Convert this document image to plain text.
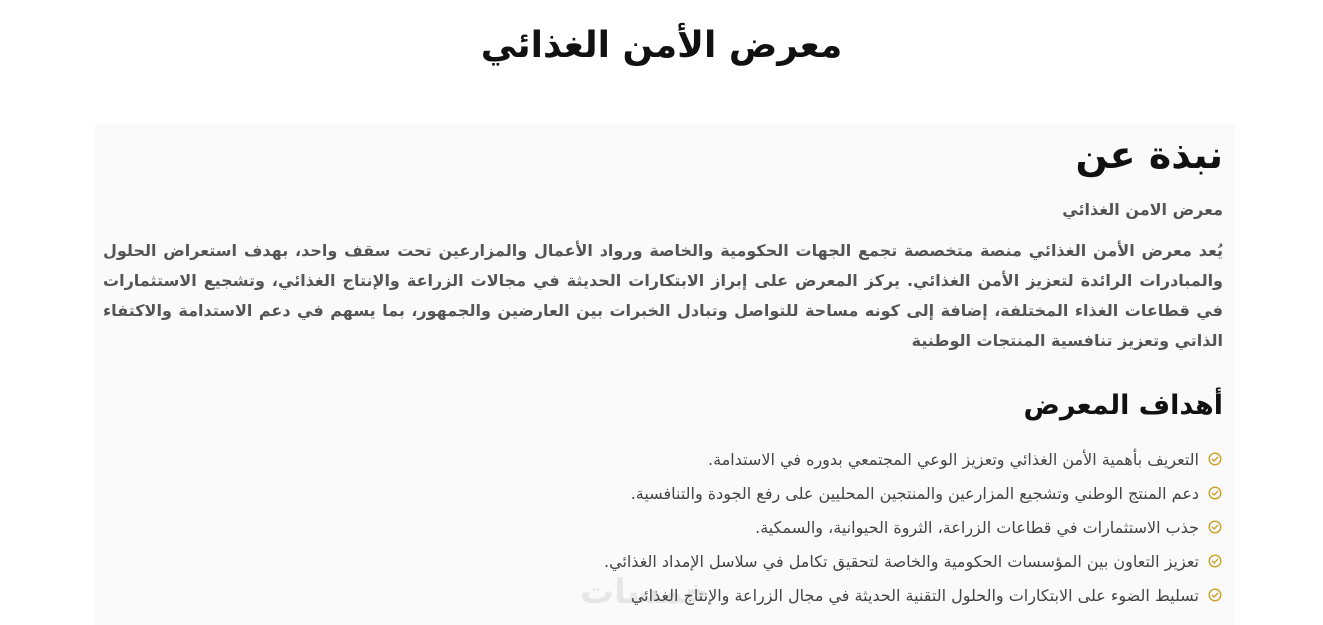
معرض الأمن الغذائي
نبذة عن

معرض الامن الغذائي

يُعد معرض الأمن الغذائي منصة متخصصة تجمع الجهات الحكومية والخاصة ورواد الأعمال والمزارعين تحت سقف واحد، بهدف استعراض الحلول والمبادرات الرائدة لتعزيز الأمن الغذائي. يركز المعرض على إبراز الابتكارات الحديثة في مجالات الزراعة والإنتاج الغذائي، وتشجيع الاستثمارات في قطاعات الغذاء المختلفة، إضافة إلى كونه مساحة للتواصل وتبادل الخبرات بين العارضين والجمهور، بما يسهم في دعم الاستدامة والاكتفاء الذاتي وتعزيز تنافسية المنتجات الوطنية

خمسات
أهداف المعرض
التعريف بأهمية الأمن الغذائي وتعزيز الوعي المجتمعي بدوره في الاستدامة.
دعم المنتج الوطني وتشجيع المزارعين والمنتجين المحليين على رفع الجودة والتنافسية.
جذب الاستثمارات في قطاعات الزراعة، الثروة الحيوانية، والسمكية.
تعزيز التعاون بين المؤسسات الحكومية والخاصة لتحقيق تكامل في سلاسل الإمداد الغذائي.
تسليط الضوء على الابتكارات والحلول التقنية الحديثة في مجال الزراعة والإنتاج الغذائي
